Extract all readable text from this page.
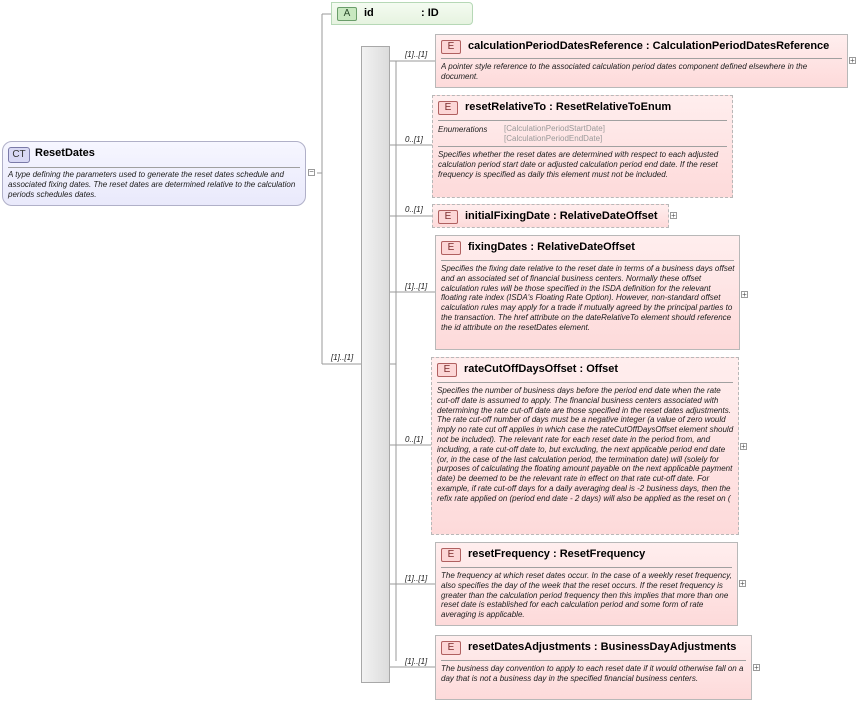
CT ResetDates
A type defining the parameters used to generate the reset dates schedule and associated fixing dates. The reset dates are determined relative to the calculation periods schedules dates.
−
A	id	: ID
[1]..[1]
[1]..[1]
E	calculationPeriodDatesReference : CalculationPeriodDatesReference
A pointer style reference to the associated calculation period dates component defined elsewhere in the document.
+
0..[1]
E	resetRelativeTo : ResetRelativeToEnum
Enumerations [CalculationPeriodStartDate]
[CalculationPeriodEndDate]
Specifies whether the reset dates are determined with respect to each adjusted calculation period start date or adjusted calculation period end date. If the reset frequency is specified as daily this element must not be included.
0..[1]
E	initialFixingDate : RelativeDateOffset +
[1]..[1]
E	fixingDates : RelativeDateOffset
Specifies the fixing date relative to the reset date in terms of a business days offset and an associated set of financial business centers. Normally these offset calculation rules will be those specified in the ISDA definition for the relevant floating rate index (ISDA's Floating Rate Option). However, non-standard offset calculation rules may apply for a trade if mutually agreed by the principal parties to the transaction. The href attribute on the dateRelativeTo element should reference the id attribute on the resetDates element.
+
0..[1]
E	rateCutOffDaysOffset : Offset
Specifies the number of business days before the period end date when the rate cut-off date is assumed to apply. The financial business centers associated with determining the rate cut-off date are those specified in the reset dates adjustments. The rate cut-off number of days must be a negative integer (a value of zero would imply no rate cut off applies in which case the rateCutOffDaysOffset element should not be included). The relevant rate for each reset date in the period from, and including, a rate cut-off date to, but excluding, the next applicable period end date (or, in the case of the last calculation period, the termination date) will (solely for purposes of calculating the floating amount payable on the next applicable payment date) be deemed to be the relevant rate in effect on that rate cut-off date. For example, if rate cut-off days for a daily averaging deal is -2 business days, then the refix rate applied on (period end date - 2 days) will also be applied as the reset on (
+
[1]..[1]
E	resetFrequency : ResetFrequency
The frequency at which reset dates occur. In the case of a weekly reset frequency, also specifies the day of the week that the reset occurs. If the reset frequency is greater than the calculation period frequency then this implies that more than one reset date is established for each calculation period and some form of rate averaging is applicable.
+
[1]..[1]
E	resetDatesAdjustments : BusinessDayAdjustments
The business day convention to apply to each reset date if it would otherwise fall on a day that is not a business day in the specified financial business centers.
+
